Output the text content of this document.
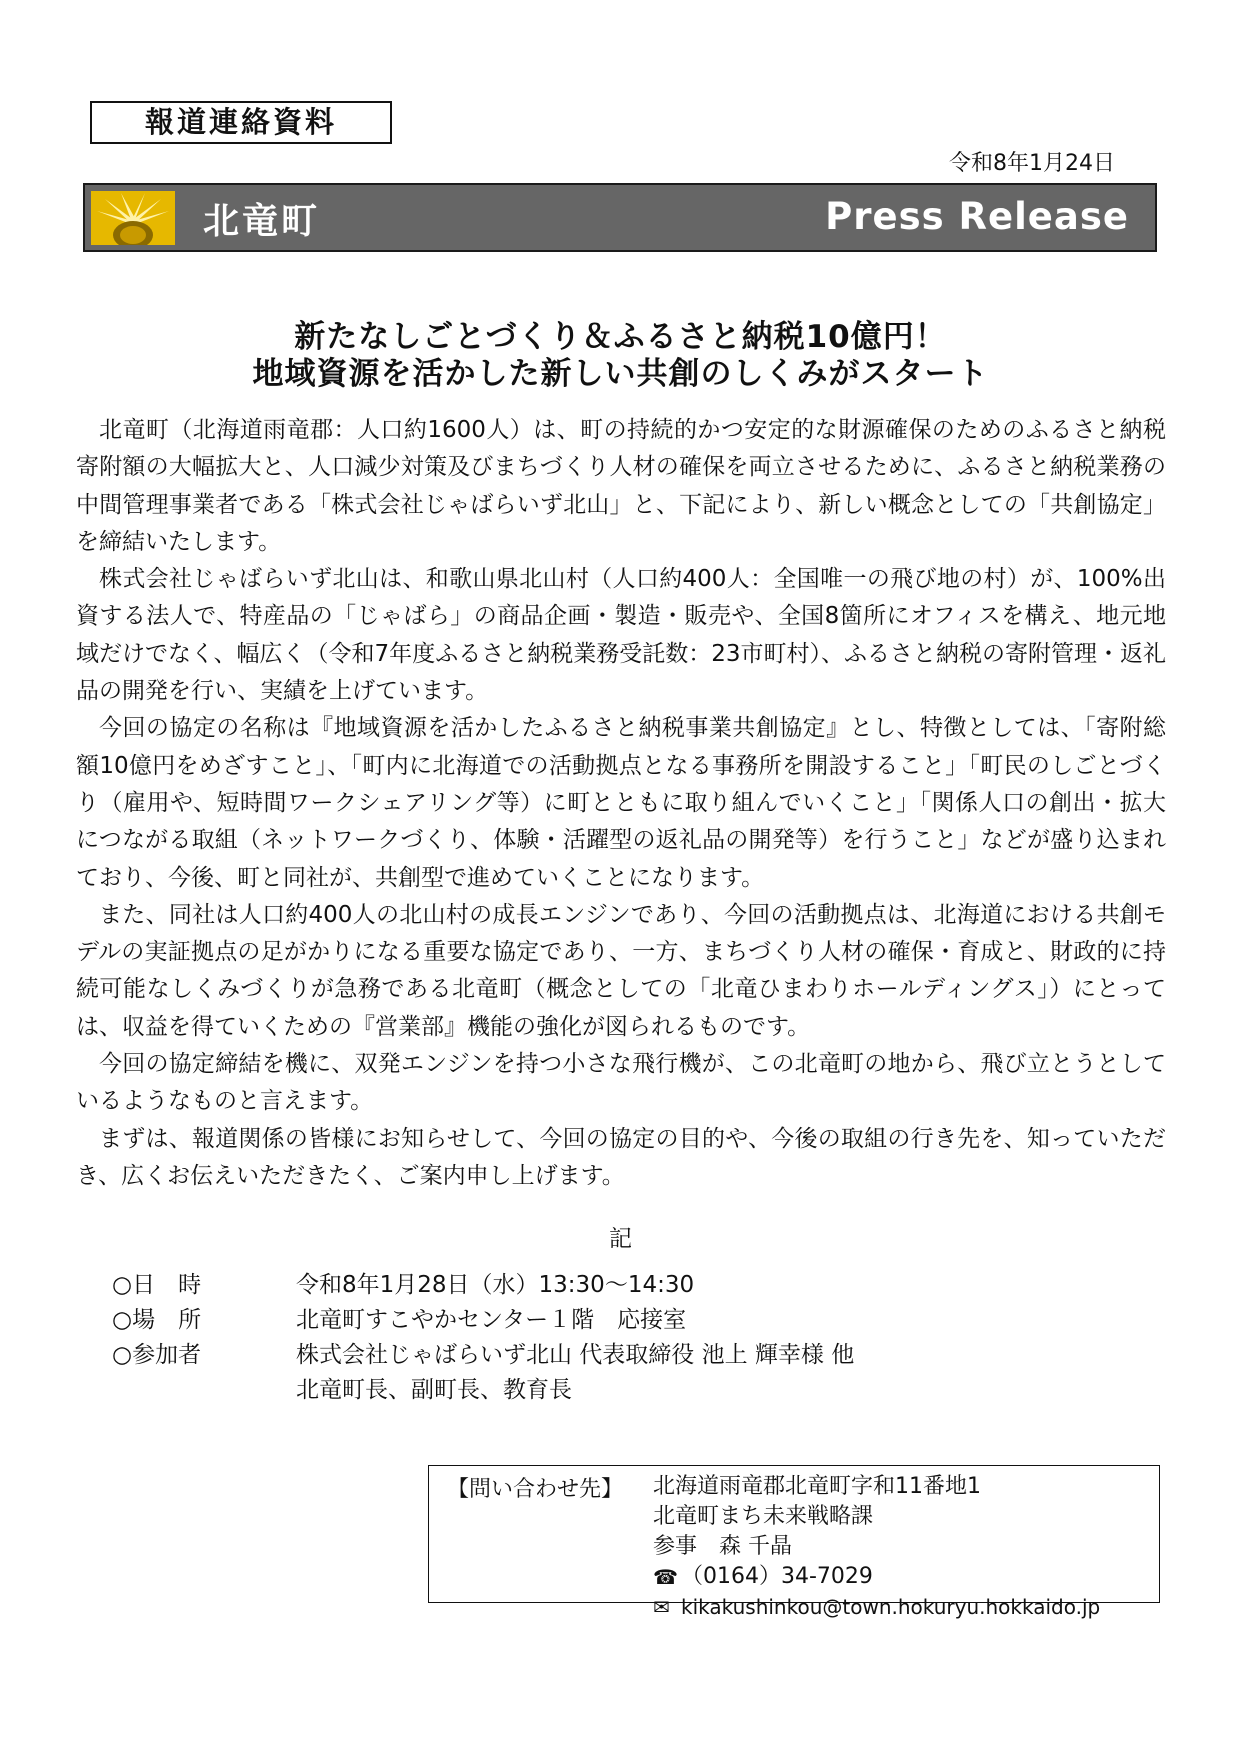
報道連絡資料
令和8年1月24日
北竜町	Press Release
新たなしごとづくり＆ふるさと納税10億円！
地域資源を活かした新しい共創のしくみがスタート

北竜町（北海道雨竜郡：人口約1600人）は、町の持続的かつ安定的な財源確保のためのふるさと納税寄附額の大幅拡大と、人口減少対策及びまちづくり人材の確保を両立させるために、ふるさと納税業務の中間管理事業者である「株式会社じゃばらいず北山」と、下記により、新しい概念としての「共創協定」を締結いたします。

株式会社じゃばらいず北山は、和歌山県北山村（人口約400人：全国唯一の飛び地の村）が、100%出資する法人で、特産品の「じゃばら」の商品企画・製造・販売や、全国8箇所にオフィスを構え、地元地域だけでなく、幅広く（令和7年度ふるさと納税業務受託数：23市町村）、ふるさと納税の寄附管理・返礼品の開発を行い、実績を上げています。

今回の協定の名称は『地域資源を活かしたふるさと納税事業共創協定』とし、特徴としては、「寄附総額10億円をめざすこと」、「町内に北海道での活動拠点となる事務所を開設すること」「町民のしごとづくり（雇用や、短時間ワークシェアリング等）に町とともに取り組んでいくこと」「関係人口の創出・拡大につながる取組（ネットワークづくり、体験・活躍型の返礼品の開発等）を行うこと」などが盛り込まれており、今後、町と同社が、共創型で進めていくことになります。

また、同社は人口約400人の北山村の成長エンジンであり、今回の活動拠点は、北海道における共創モデルの実証拠点の足がかりになる重要な協定であり、一方、まちづくり人材の確保・育成と、財政的に持続可能なしくみづくりが急務である北竜町（概念としての「北竜ひまわりホールディングス」）にとっては、収益を得ていくための『営業部』機能の強化が図られるものです。

今回の協定締結を機に、双発エンジンを持つ小さな飛行機が、この北竜町の地から、飛び立とうとしているようなものと言えます。

まずは、報道関係の皆様にお知らせして、今回の協定の目的や、今後の取組の行き先を、知っていただき、広くお伝えいただきたく、ご案内申し上げます。

記
○日　時	令和8年1月28日（水）13:30～14:30
○場　所	北竜町すこやかセンター１階　応接室
○参加者	株式会社じゃばらいず北山 代表取締役 池上 輝幸様 他
北竜町長、副町長、教育長
【問い合わせ先】 北海道雨竜郡北竜町字和11番地1
北竜町まち未来戦略課
参事　森 千晶
☎ （0164）34-7029
✉ kikakushinkou@town.hokuryu.hokkaido.jp
